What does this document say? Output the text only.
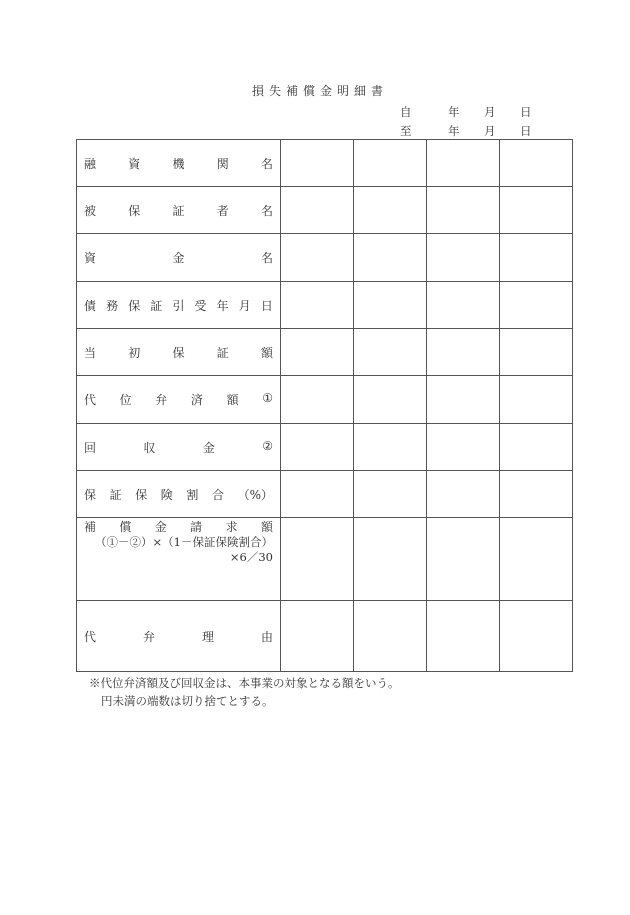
損失補償金明細書
自	年 月 日
至	年 月 日
融 資 機 関 名				

被 保 証 者 名				

資 金 名				

債 務 保 証 引 受 年 月 日

当 初 保 証 額				

代 位 弁 済 額 ①

回 収 金 ②				

保 証 保 険 割 合 （%）

補 償 金 請 求 額
（①－②）×（1－保証保険割合）
×6／30

代 弁 理 由				

※代位弁済額及び回収金は、本事業の対象となる額をいう。
円未満の端数は切り捨てとする。
